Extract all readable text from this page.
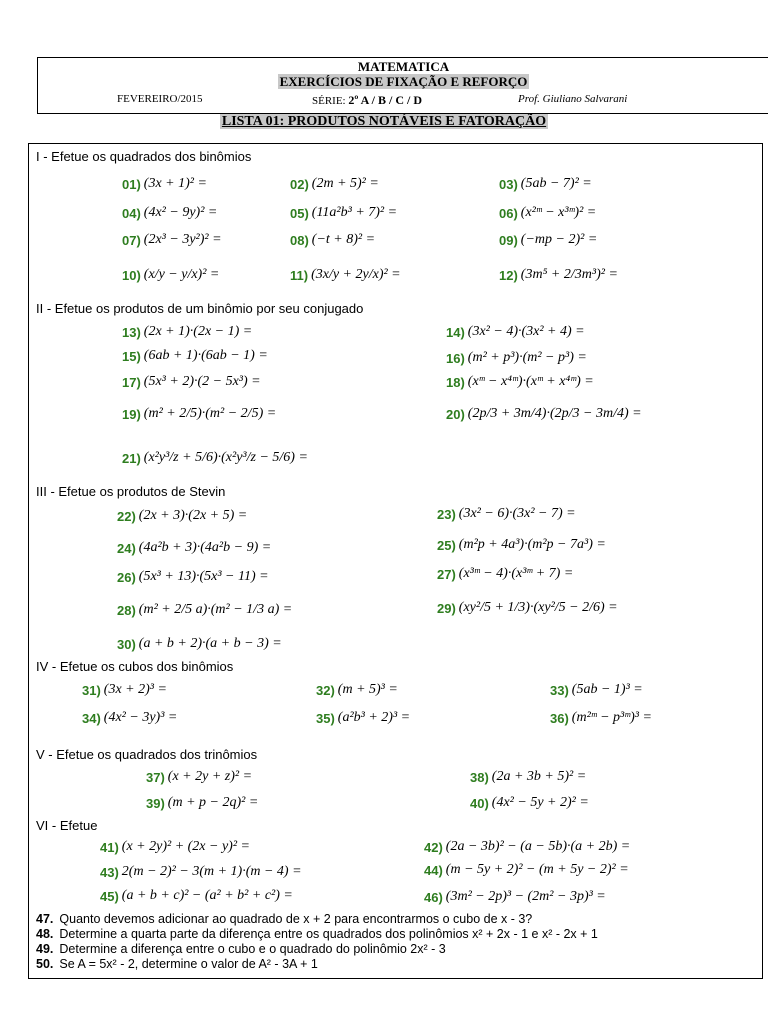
MATEMATICA
EXERCÍCIOS DE FIXAÇÃO E REFORÇO
FEVEREIRO/2015	SÉRIE: 2º A / B / C / D	Prof. Giuliano Salvarani
LISTA 01: PRODUTOS NOTÁVEIS E FATORAÇÃO
I - Efetue os quadrados dos binômios
II - Efetue os produtos de um binômio por seu conjugado
III - Efetue os produtos de Stevin
IV - Efetue os cubos dos binômios
V - Efetue os quadrados dos trinômios
VI - Efetue
01) (3x + 1)² =	02) (2m + 5)² =	03) (5ab − 7)² =
04) (4x² − 9y)² =	05) (11a²b³ + 7)² =	06) (x²ᵐ − x³ᵐ)² =
07) (2x³ − 3y²)² =	08) (−t + 8)² =	09) (−mp − 2)² =
10) (x/y − y/x)² =	11) (3x/y + 2y/x)² =	12) (3m⁵ + 2/3m³)² =
13) (2x + 1)·(2x − 1) =	14) (3x² − 4)·(3x² + 4) =
15) (6ab + 1)·(6ab − 1) =	16) (m² + p³)·(m² − p³) =
17) (5x³ + 2)·(2 − 5x³) =	18) (xᵐ − x⁴ᵐ)·(xᵐ + x⁴ᵐ) =
19) (m² + 2/5)·(m² − 2/5) =	20) (2p/3 + 3m/4)·(2p/3 − 3m/4) =
21) (x²y³/z + 5/6)·(x²y³/z − 5/6) =
22) (2x + 3)·(2x + 5) =	23) (3x² − 6)·(3x² − 7) =
24) (4a²b + 3)·(4a²b − 9) =	25) (m²p + 4a³)·(m²p − 7a³) =
26) (5x³ + 13)·(5x³ − 11) =	27) (x³ᵐ − 4)·(x³ᵐ + 7) =
28) (m² + 2/5 a)·(m² − 1/3 a) =	29) (xy²/5 + 1/3)·(xy²/5 − 2/6) =
30) (a + b + 2)·(a + b − 3) =
31) (3x + 2)³ =	32) (m + 5)³ =	33) (5ab − 1)³ =
34) (4x² − 3y)³ =	35) (a²b³ + 2)³ =	36) (m²ᵐ − p³ᵐ)³ =
37) (x + 2y + z)² =	38) (2a + 3b + 5)² =
39) (m + p − 2q)² =	40) (4x² − 5y + 2)² =
41) (x + 2y)² + (2x − y)² =	42) (2a − 3b)² − (a − 5b)·(a + 2b) =
43) 2(m − 2)² − 3(m + 1)·(m − 4) =	44) (m − 5y + 2)² − (m + 5y − 2)² =
45) (a + b + c)² − (a² + b² + c²) =	46) (3m² − 2p)³ − (2m² − 3p)³ =
47. Quanto devemos adicionar ao quadrado de x + 2 para encontrarmos o cubo de x - 3?
48. Determine a quarta parte da diferença entre os quadrados dos polinômios x² + 2x - 1 e x² - 2x + 1
49. Determine a diferença entre o cubo e o quadrado do polinômio 2x² - 3
50. Se A = 5x² - 2, determine o valor de A² - 3A + 1
